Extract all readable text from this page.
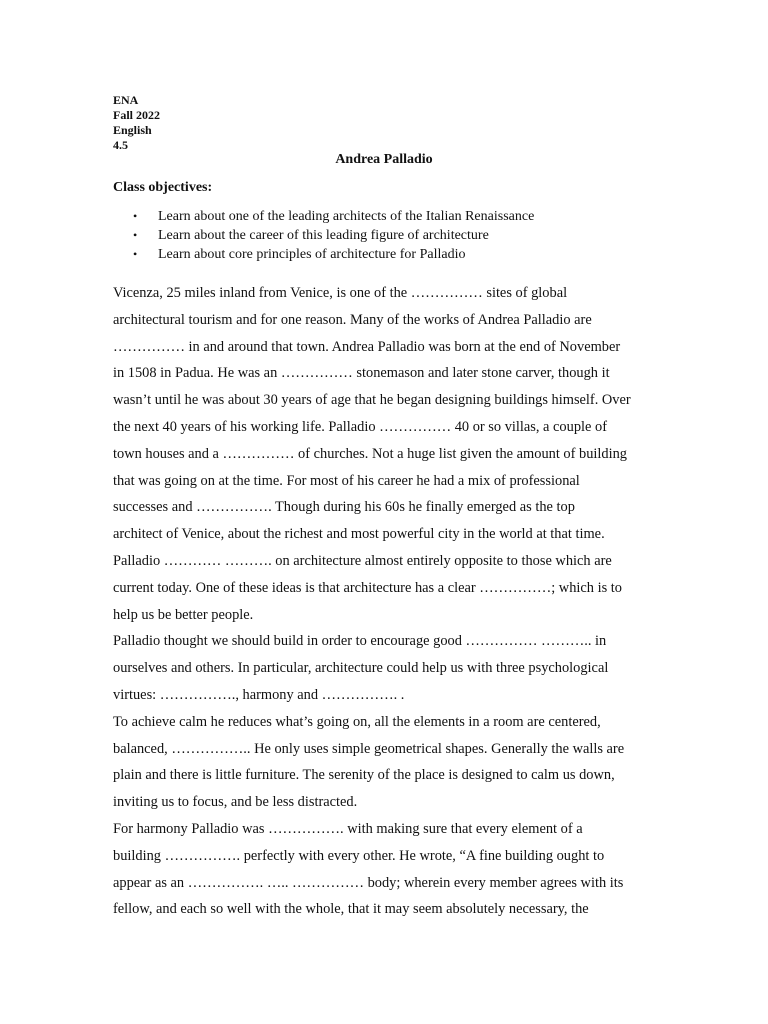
ENA
Fall 2022
English
4.5
Andrea Palladio
Class objectives:
• Learn about one of the leading architects of the Italian Renaissance
• Learn about the career of this leading figure of architecture
• Learn about core principles of architecture for Palladio

Vicenza, 25 miles inland from Venice, is one of the …………… sites of global

architectural tourism and for one reason. Many of the works of Andrea Palladio are

…………… in and around that town. Andrea Palladio was born at the end of November

in 1508 in Padua. He was an …………… stonemason and later stone carver, though it

wasn’t until he was about 30 years of age that he began designing buildings himself. Over

the next 40 years of his working life. Palladio …………… 40 or so villas, a couple of

town houses and a …………… of churches. Not a huge list given the amount of building

that was going on at the time. For most of his career he had a mix of professional

successes and ……………. Though during his 60s he finally emerged as the top

architect of Venice, about the richest and most powerful city in the world at that time.

Palladio ………… ………. on architecture almost entirely opposite to those which are

current today. One of these ideas is that architecture has a clear ……………; which is to

help us be better people.

Palladio thought we should build in order to encourage good …………… ……….. in

ourselves and others. In particular, architecture could help us with three psychological

virtues: ……………., harmony and ……………. .

To achieve calm he reduces what’s going on, all the elements in a room are centered,

balanced, …………….. He only uses simple geometrical shapes. Generally the walls are

plain and there is little furniture. The serenity of the place is designed to calm us down,

inviting us to focus, and be less distracted.

For harmony Palladio was ……………. with making sure that every element of a

building ……………. perfectly with every other. He wrote, “A fine building ought to

appear as an ……………. ….. …………… body; wherein every member agrees with its

fellow, and each so well with the whole, that it may seem absolutely necessary, the
